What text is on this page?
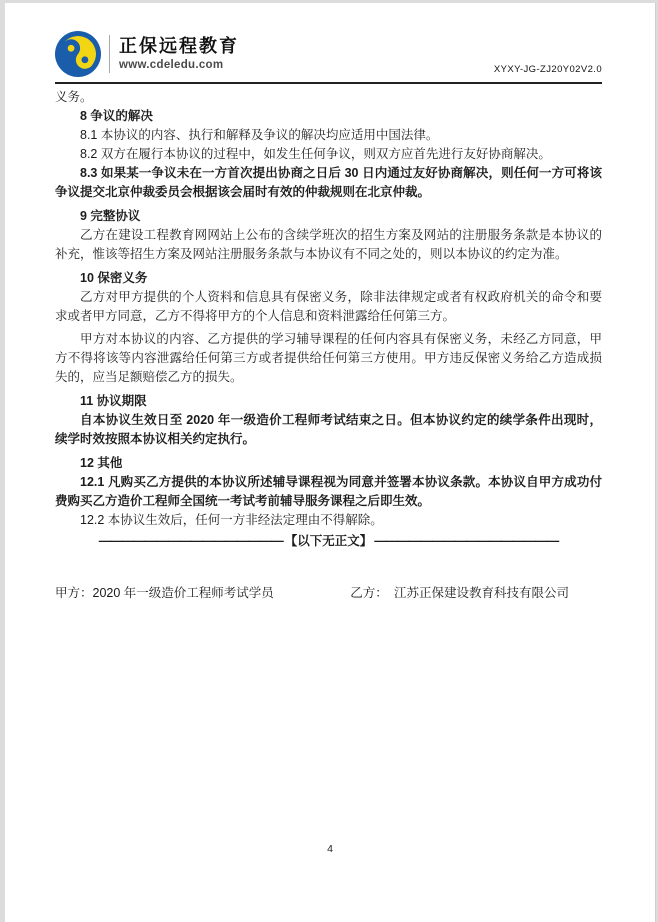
正保远程教育
www.cdeledu.com	XYXY-JG-ZJ20Y02V2.0

义务。

8 争议的解决

8.1 本协议的内容、执行和解释及争议的解决均应适用中国法律。

8.2 双方在履行本协议的过程中，如发生任何争议，则双方应首先进行友好协商解决。

8.3 如果某一争议未在一方首次提出协商之日后 30 日内通过友好协商解决，则任何一方可将该争议提交北京仲裁委员会根据该会届时有效的仲裁规则在北京仲裁。

9 完整协议

乙方在建设工程教育网网站上公布的含续学班次的招生方案及网站的注册服务条款是本协议的补充，惟该等招生方案及网站注册服务条款与本协议有不同之处的，则以本协议的约定为准。

10 保密义务

乙方对甲方提供的个人资料和信息具有保密义务，除非法律规定或者有权政府机关的命令和要求或者甲方同意，乙方不得将甲方的个人信息和资料泄露给任何第三方。

甲方对本协议的内容、乙方提供的学习辅导课程的任何内容具有保密义务，未经乙方同意，甲方不得将该等内容泄露给任何第三方或者提供给任何第三方使用。甲方违反保密义务给乙方造成损失的，应当足额赔偿乙方的损失。

11 协议期限

自本协议生效日至 2020 年一级造价工程师考试结束之日。但本协议约定的续学条件出现时，续学时效按照本协议相关约定执行。

12 其他

12.1 凡购买乙方提供的本协议所述辅导课程视为同意并签署本协议条款。本协议自甲方成功付费购买乙方造价工程师全国统一考试考前辅导服务课程之后即生效。

12.2 本协议生效后，任何一方非经法定理由不得解除。

———————————————— 【以下无正文】 ————————————————
甲方：2020 年一级造价工程师考试学员	乙方：　江苏正保建设教育科技有限公司
4
